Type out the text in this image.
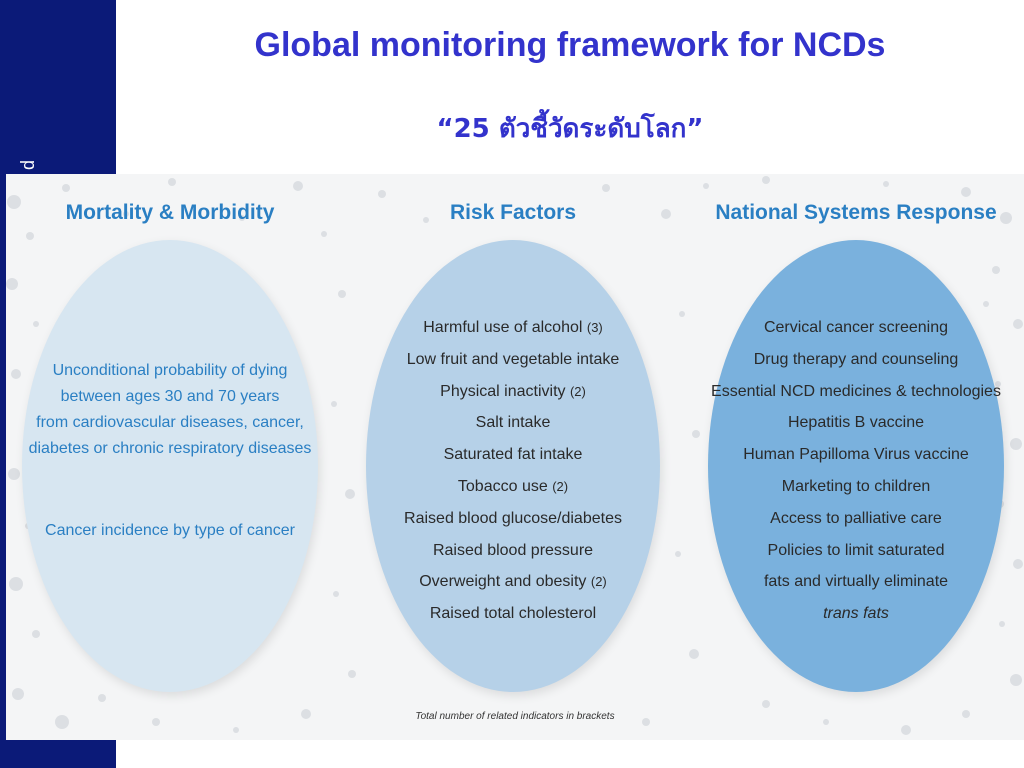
p
Global monitoring framework for NCDs
“25 ตัวชี้วัดระดับโลก”
Mortality & Morbidity	Risk Factors	National Systems Response
Unconditional probability of dying
between ages 30 and 70 years
from cardiovascular diseases, cancer,
diabetes or chronic respiratory diseases
Cancer incidence by type of cancer
Harmful use of alcohol (3)
Low fruit and vegetable intake
Physical inactivity (2)
Salt intake
Saturated fat intake
Tobacco use (2)
Raised blood glucose/diabetes
Raised blood pressure
Overweight and obesity (2)
Raised total cholesterol
Cervical cancer screening
Drug therapy and counseling
Essential NCD medicines & technologies
Hepatitis B vaccine
Human Papilloma Virus vaccine
Marketing to children
Access to palliative care
Policies to limit saturated
fats and virtually eliminate
trans fats
Total number of related indicators in brackets
